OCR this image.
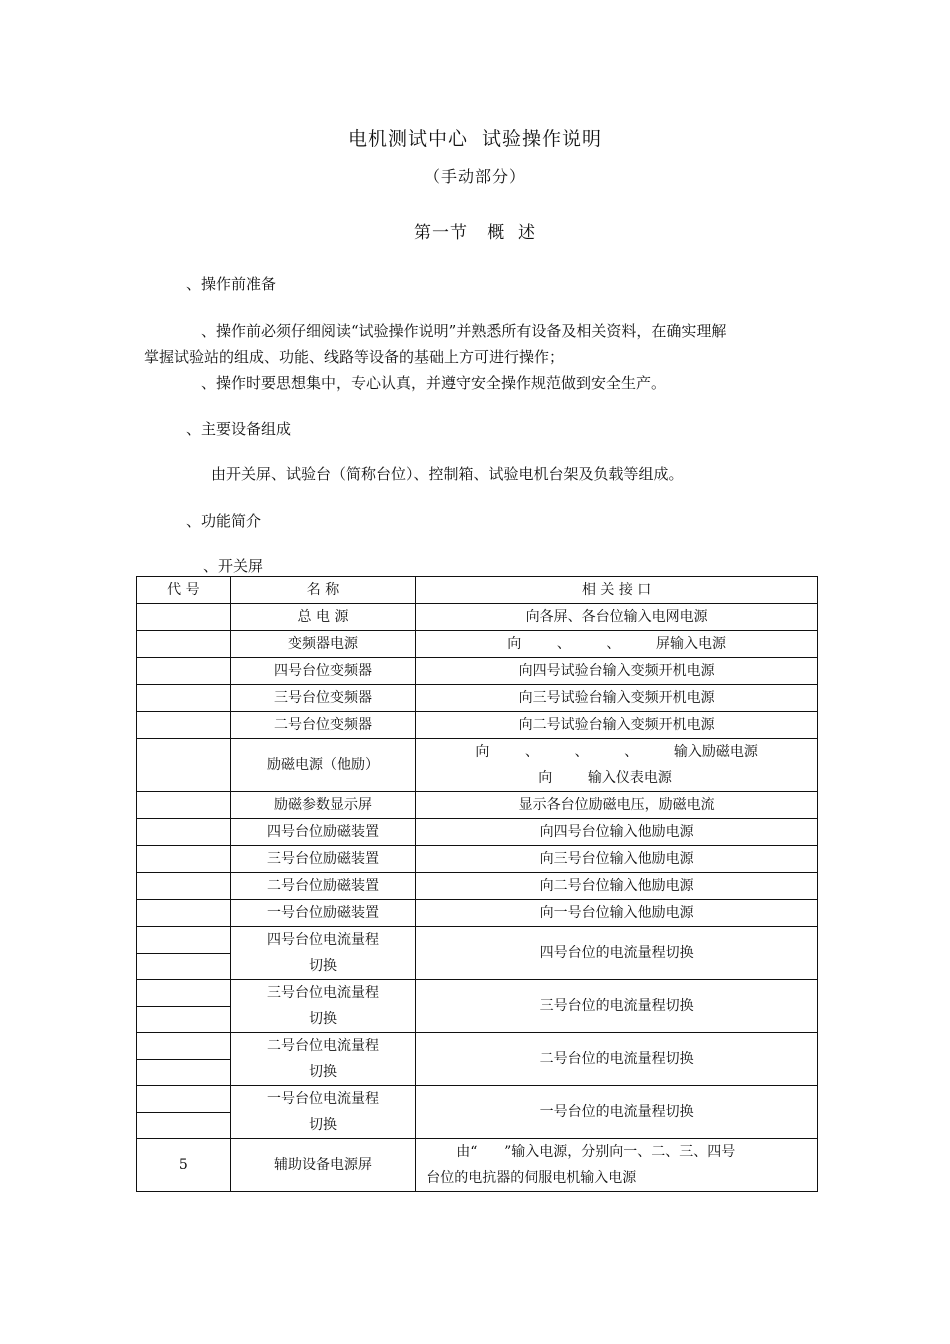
电机测试中心  试验操作说明
（手动部分）
第一节   概  述
、操作前准备
、操作前必须仔细阅读“试验操作说明”并熟悉所有设备及相关资料，在确实理解
掌握试验站的组成、功能、线路等设备的基础上方可进行操作；
、操作时要思想集中，专心认真，并遵守安全操作规范做到安全生产。
、主要设备组成
由开关屏、试验台（简称台位）、控制箱、试验电机台架及负载等组成。
、功能简介
、开关屏
代 号	名 称	相 关 接 口
	总 电 源	向各屏、各台位输入电网电源
	变频器电源	向        、        、        屏输入电源
	四号台位变频器	向四号试验台输入变频开机电源
	三号台位变频器	向三号试验台输入变频开机电源
	二号台位变频器	向二号试验台输入变频开机电源
	励磁电源（他励）	向        、        、        、        输入励磁电源
向        输入仪表电源

	励磁参数显示屏	显示各台位励磁电压，励磁电流
	四号台位励磁装置	向四号台位输入他励电源
	三号台位励磁装置	向三号台位输入他励电源
	二号台位励磁装置	向二号台位输入他励电源
	一号台位励磁装置	向一号台位输入他励电源

	四号台位电流量程
切换	四号台位的电流量程切换

	三号台位电流量程
切换	三号台位的电流量程切换

	二号台位电流量程
切换	二号台位的电流量程切换

	一号台位电流量程
切换	一号台位的电流量程切换

5	辅助设备电源屏	由“      ”输入电源，分别向一、二、三、四号
台位的电抗器的伺服电机输入电源
